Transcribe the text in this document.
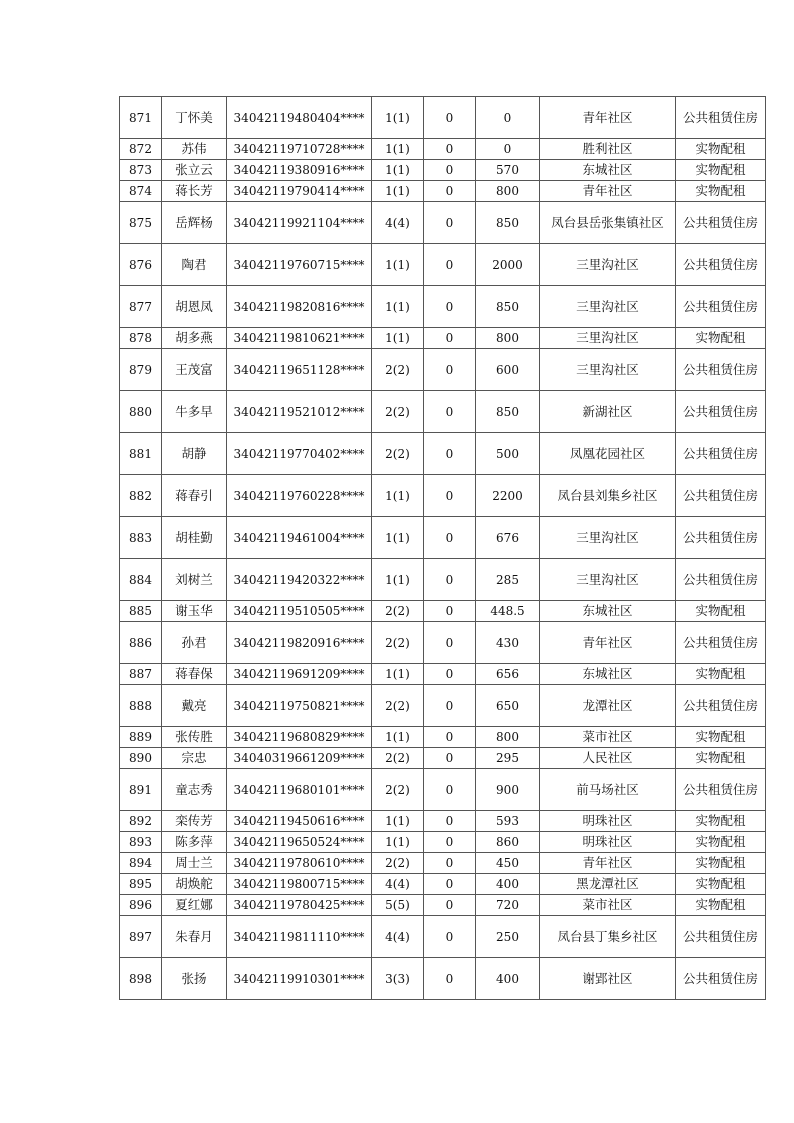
871	丁怀美	34042119480404****	1(1)	0	0	青年社区	公共租赁住房
872	苏伟	34042119710728****	1(1)	0	0	胜利社区	实物配租
873	张立云	34042119380916****	1(1)	0	570	东城社区	实物配租
874	蒋长芳	34042119790414****	1(1)	0	800	青年社区	实物配租
875	岳辉杨	34042119921104****	4(4)	0	850	凤台县岳张集镇社区	公共租赁住房
876	陶君	34042119760715****	1(1)	0	2000	三里沟社区	公共租赁住房
877	胡恩凤	34042119820816****	1(1)	0	850	三里沟社区	公共租赁住房
878	胡多燕	34042119810621****	1(1)	0	800	三里沟社区	实物配租
879	王茂富	34042119651128****	2(2)	0	600	三里沟社区	公共租赁住房
880	牛多早	34042119521012****	2(2)	0	850	新湖社区	公共租赁住房
881	胡静	34042119770402****	2(2)	0	500	凤凰花园社区	公共租赁住房
882	蒋春引	34042119760228****	1(1)	0	2200	凤台县刘集乡社区	公共租赁住房
883	胡桂勤	34042119461004****	1(1)	0	676	三里沟社区	公共租赁住房
884	刘树兰	34042119420322****	1(1)	0	285	三里沟社区	公共租赁住房
885	谢玉华	34042119510505****	2(2)	0	448.5	东城社区	实物配租
886	孙君	34042119820916****	2(2)	0	430	青年社区	公共租赁住房
887	蒋春保	34042119691209****	1(1)	0	656	东城社区	实物配租
888	戴亮	34042119750821****	2(2)	0	650	龙潭社区	公共租赁住房
889	张传胜	34042119680829****	1(1)	0	800	菜市社区	实物配租
890	宗忠	34040319661209****	2(2)	0	295	人民社区	实物配租
891	童志秀	34042119680101****	2(2)	0	900	前马场社区	公共租赁住房
892	栾传芳	34042119450616****	1(1)	0	593	明珠社区	实物配租
893	陈多萍	34042119650524****	1(1)	0	860	明珠社区	实物配租
894	周士兰	34042119780610****	2(2)	0	450	青年社区	实物配租
895	胡焕舵	34042119800715****	4(4)	0	400	黑龙潭社区	实物配租
896	夏红娜	34042119780425****	5(5)	0	720	菜市社区	实物配租
897	朱春月	34042119811110****	4(4)	0	250	凤台县丁集乡社区	公共租赁住房
898	张扬	34042119910301****	3(3)	0	400	谢郢社区	公共租赁住房
